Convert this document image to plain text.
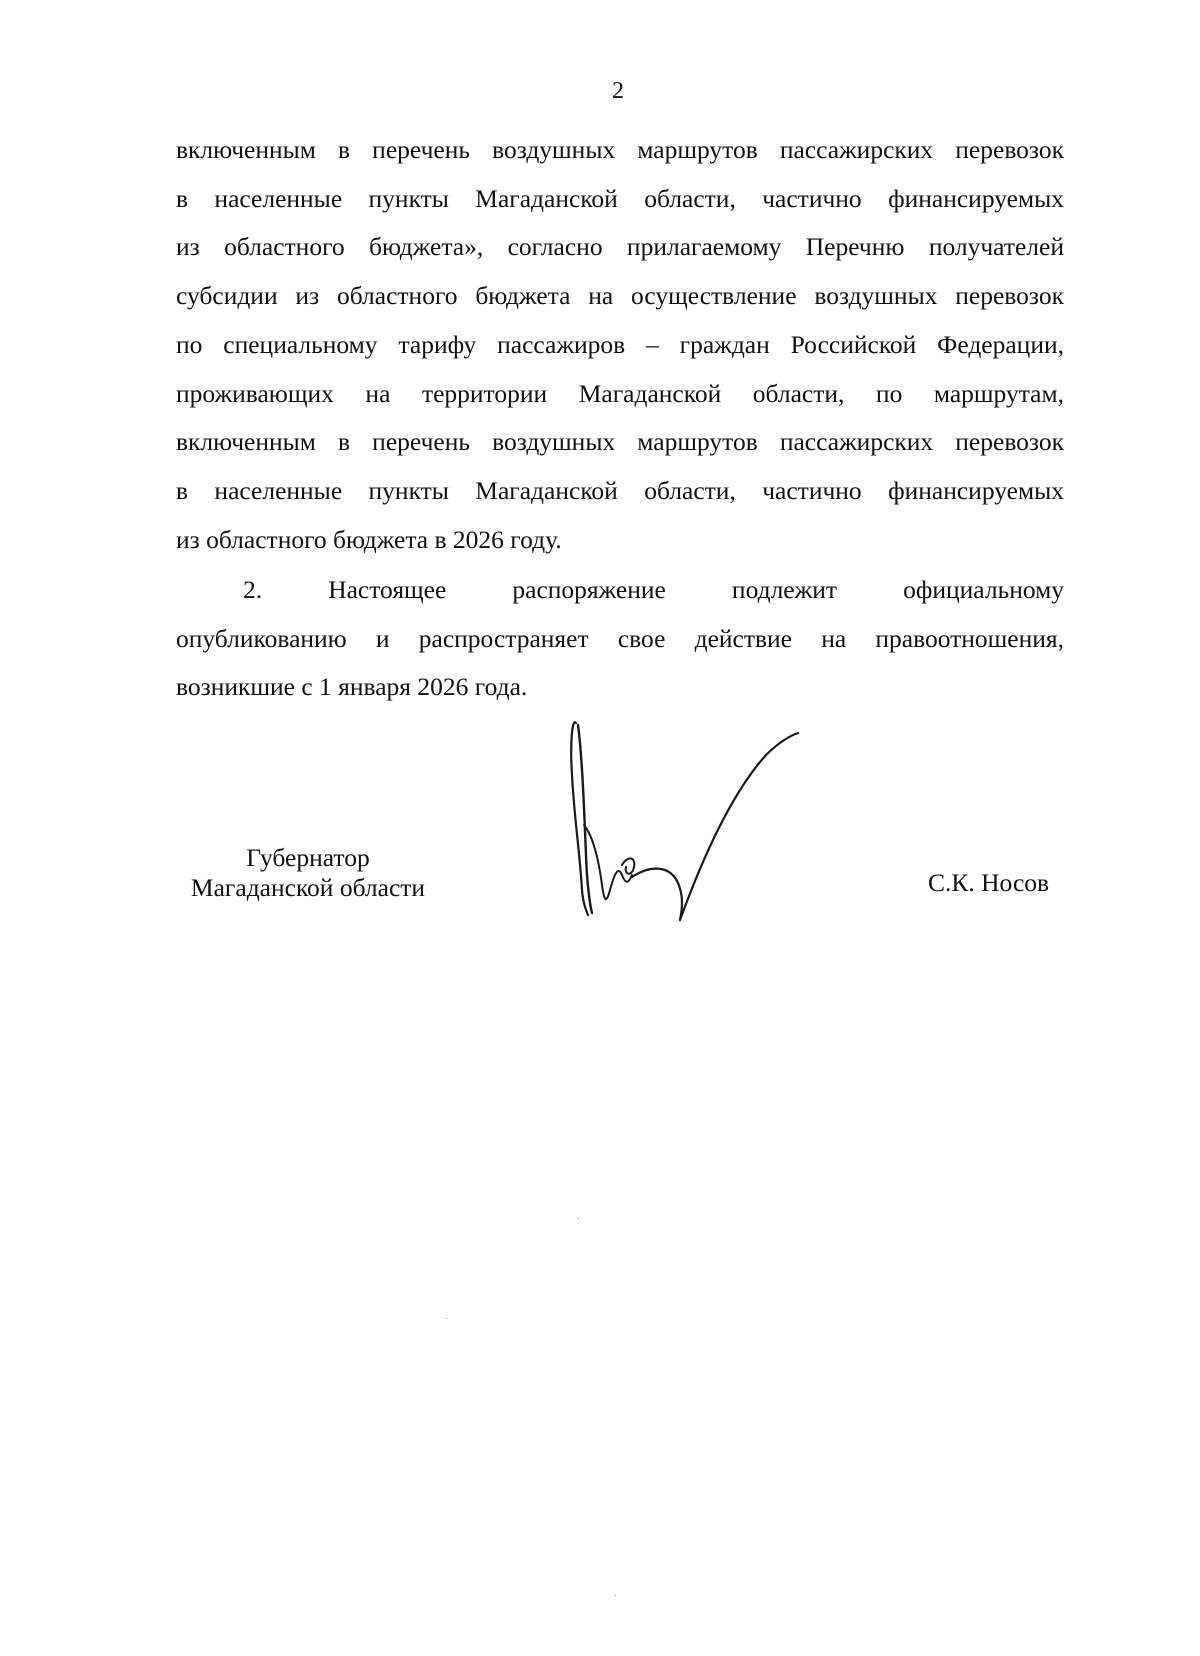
2

включенным в перечень воздушных маршрутов пассажирских перевозок
в населенные пункты Магаданской области, частично финансируемых
из областного бюджета», согласно прилагаемому Перечню получателей
субсидии из областного бюджета на осуществление воздушных перевозок
по специальному тарифу пассажиров – граждан Российской Федерации,
проживающих на территории Магаданской области, по маршрутам,
включенным в перечень воздушных маршрутов пассажирских перевозок
в населенные пункты Магаданской области, частично финансируемых
из областного бюджета в 2026 году.

2. Настоящее распоряжение подлежит официальному
опубликованию и распространяет свое действие на правоотношения,
возникшие с 1 января 2026 года.

Губернатор
Магаданской области	С.К. Носов
